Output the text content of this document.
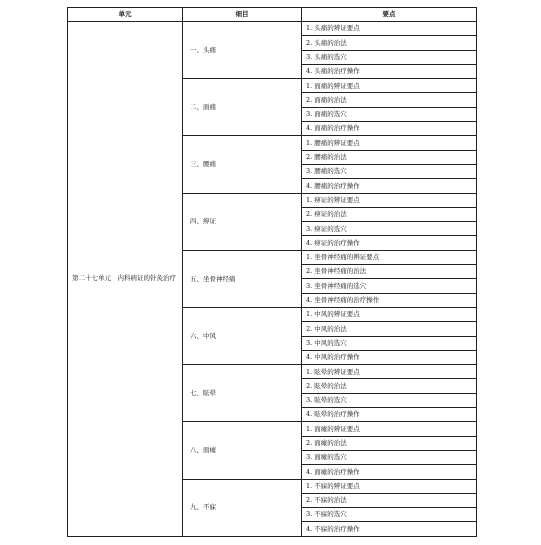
单元	细目	要点
第二十七单元　内科病证的针灸治疗	一、头痛	1. 头痛的辨证要点
		2. 头痛的治法
		3. 头痛的选穴
		4. 头痛的治疗操作
	二、面痛	1. 面痛的辨证要点
		2. 面痛的治法
		3. 面痛的选穴
		4. 面痛的治疗操作
	三、腰痛	1. 腰痛的辨证要点
		2. 腰痛的治法
		3. 腰痛的选穴
		4. 腰痛的治疗操作
	四、痹证	1. 痹证的辨证要点
		2. 痹证的治法
		3. 痹证的选穴
		4. 痹证的治疗操作
	五、坐骨神经痛	1. 坐骨神经痛的辨证要点
		2. 坐骨神经痛的治法
		3. 坐骨神经痛的选穴
		4. 坐骨神经痛的治疗操作
	六、中风	1. 中风的辨证要点
		2. 中风的治法
		3. 中风的选穴
		4. 中风的治疗操作
	七、眩晕	1. 眩晕的辨证要点
		2. 眩晕的治法
		3. 眩晕的选穴
		4. 眩晕的治疗操作
	八、面瘫	1. 面瘫的辨证要点
		2. 面瘫的治法
		3. 面瘫的选穴
		4. 面瘫的治疗操作
	九、不寐	1. 不寐的辨证要点
		2. 不寐的治法
		3. 不寐的选穴
		4. 不寐的治疗操作
